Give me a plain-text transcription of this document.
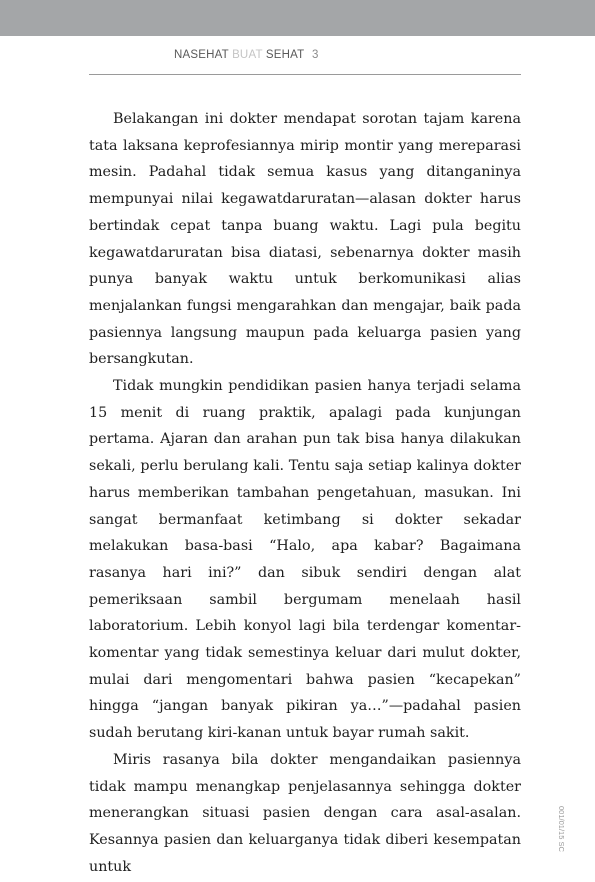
NASEHAT BUAT SEHAT 3

Belakangan ini dokter mendapat sorotan tajam karena tata laksana keprofesiannya mirip montir yang mereparasi mesin. Padahal tidak semua kasus yang ditanganinya mempunyai nilai kegawatdaruratan—alasan dokter harus bertindak cepat tanpa buang waktu. Lagi pula begitu kegawatdaruratan bisa diatasi, sebenarnya dokter masih punya banyak waktu untuk berkomunikasi alias menjalankan fungsi mengarahkan dan mengajar, baik pada pasiennya langsung maupun pada keluarga pasien yang bersangkutan.

Tidak mungkin pendidikan pasien hanya terjadi selama 15 menit di ruang praktik, apalagi pada kunjungan pertama. Ajaran dan arahan pun tak bisa hanya dilakukan sekali, perlu berulang kali. Tentu saja setiap kalinya dokter harus memberikan tambahan pengetahuan, masukan. Ini sangat bermanfaat ketimbang si dokter sekadar melakukan basa-basi “Halo, apa kabar? Bagaimana rasanya hari ini?” dan sibuk sendiri dengan alat pemeriksaan sambil bergumam menelaah hasil laboratorium. Lebih konyol lagi bila terdengar komentar-komentar yang tidak semestinya keluar dari mulut dokter, mulai dari mengomentari bahwa pasien “kecapekan” hingga “jangan banyak pikiran ya…”—padahal pasien sudah berutang kiri-kanan untuk bayar rumah sakit.

Miris rasanya bila dokter mengandaikan pasiennya tidak mampu menangkap penjelasannya sehingga dokter menerangkan situasi pasien dengan cara asal-asalan. Kesannya pasien dan keluarganya tidak diberi kesempatan untuk

001/01/15 SC
